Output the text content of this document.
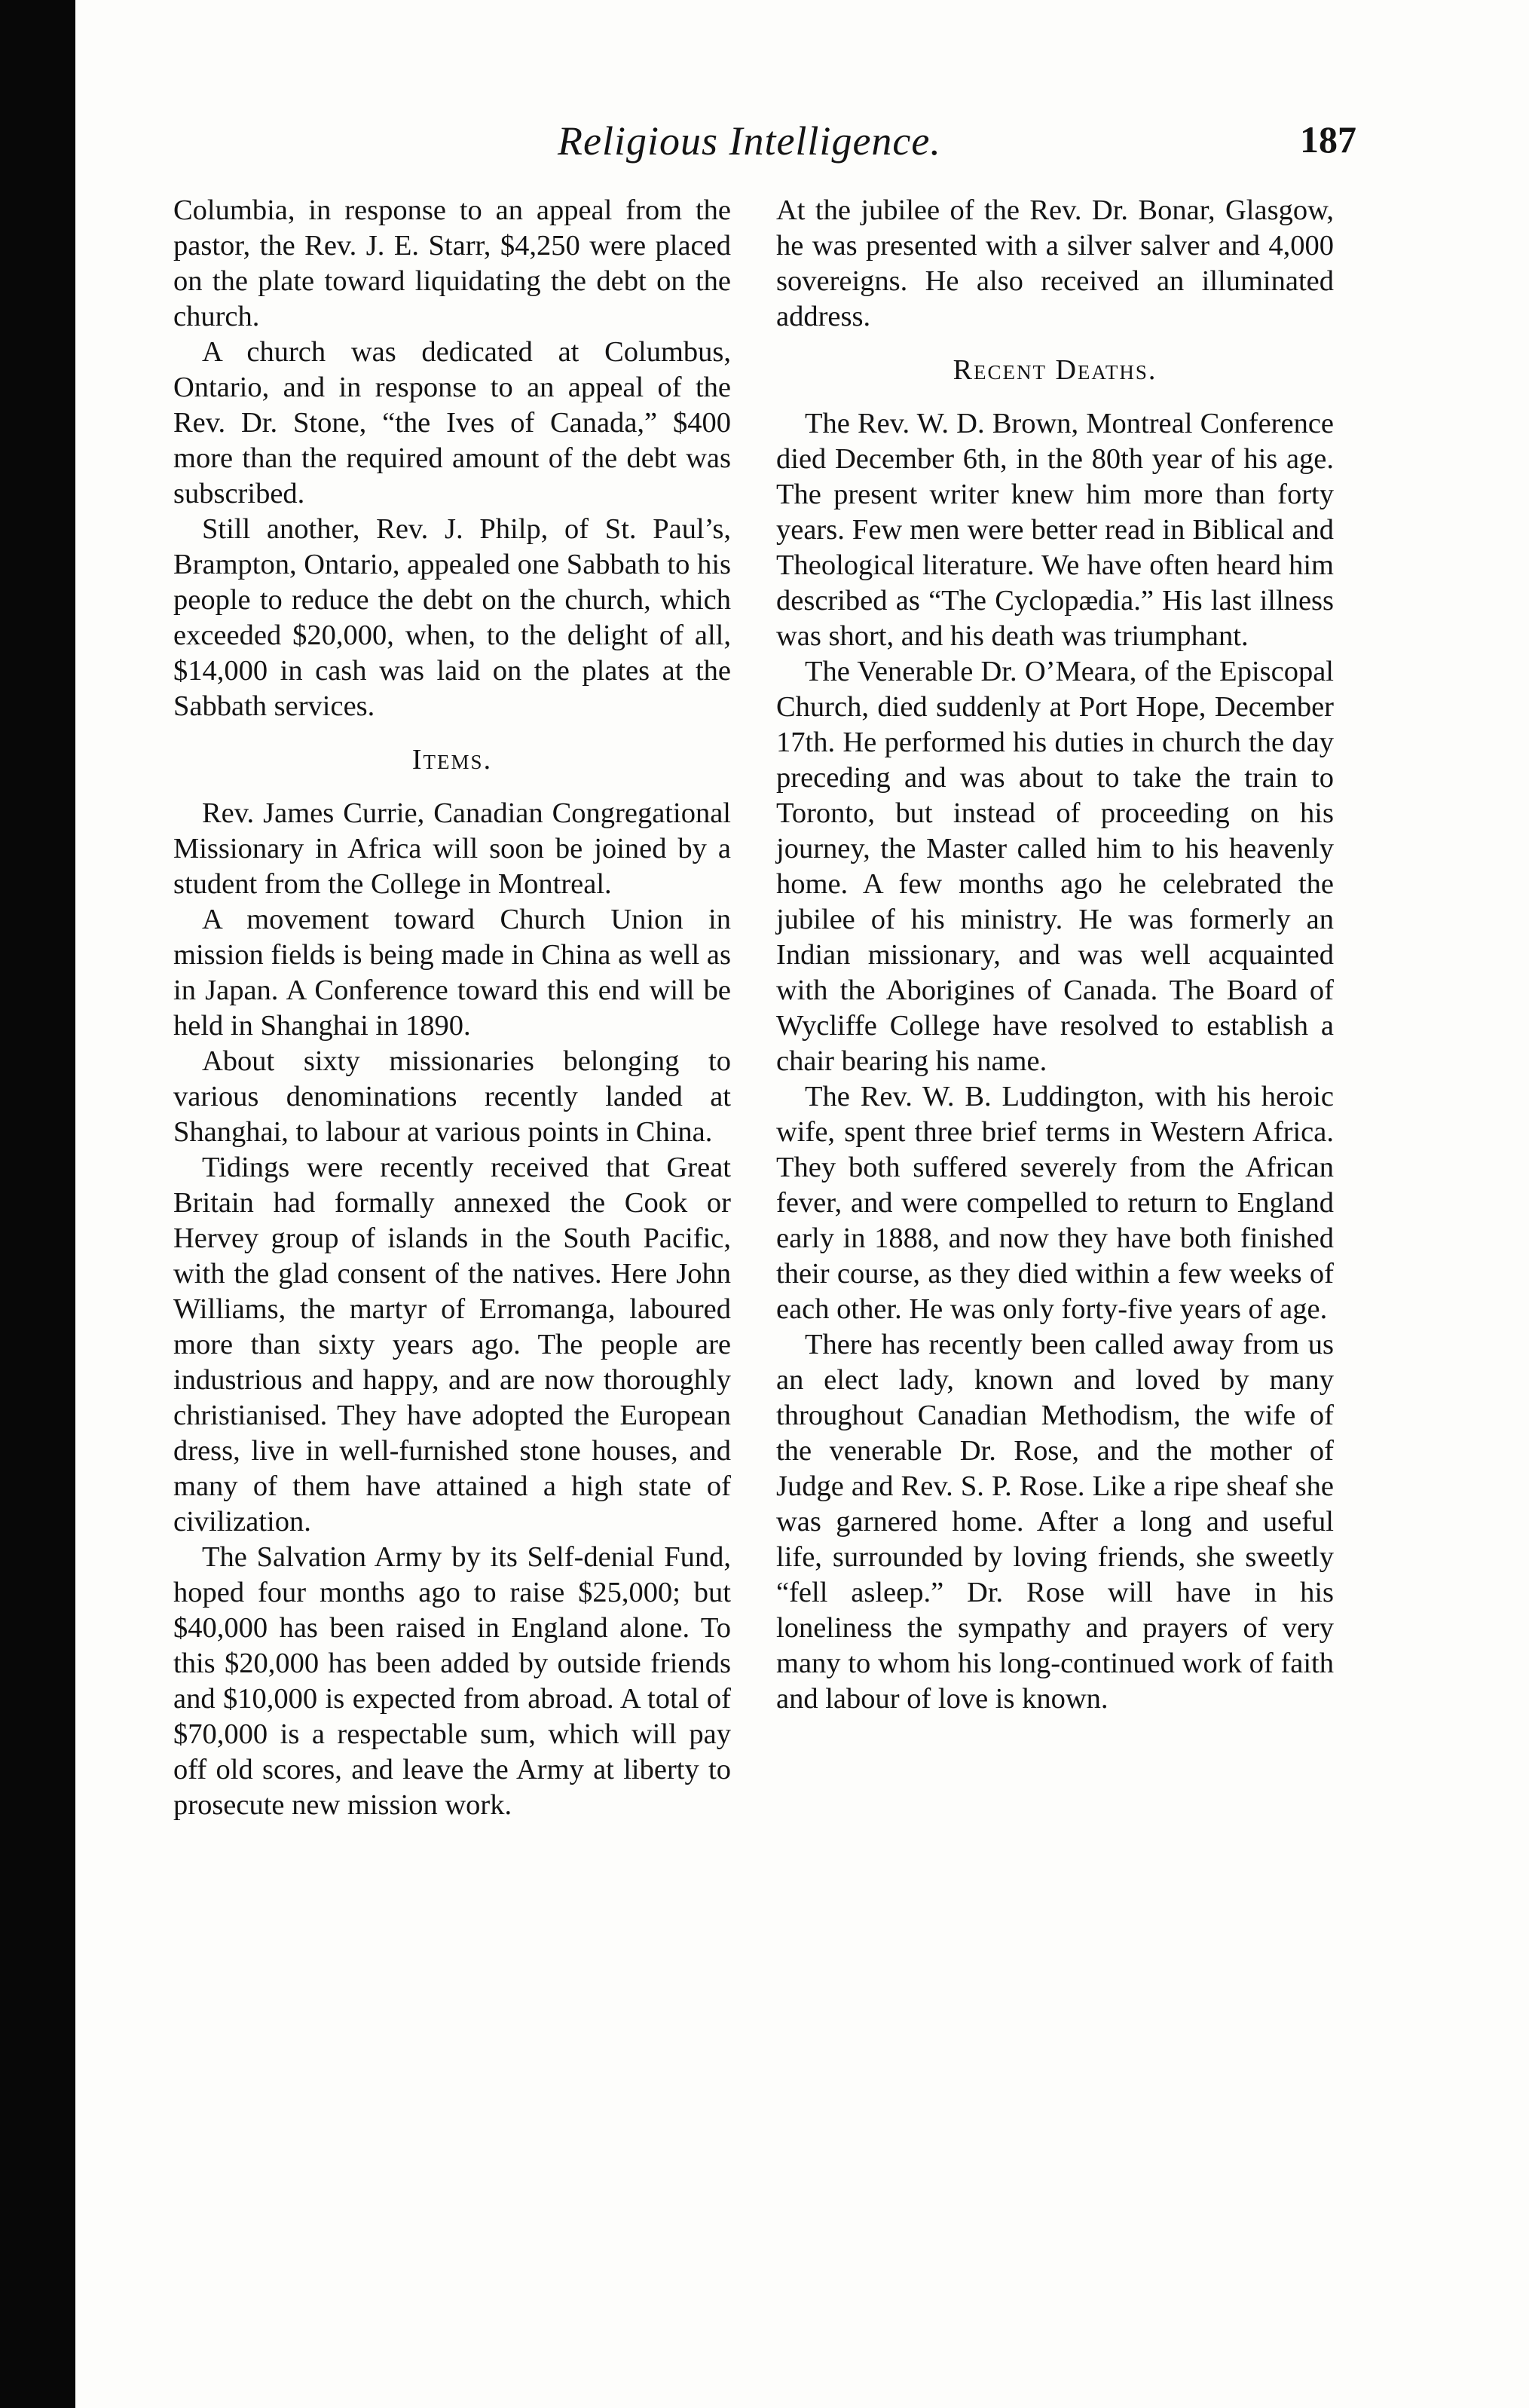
Religious Intelligence.	187

Columbia, in response to an appeal from the pastor, the Rev. J. E. Starr, $4,250 were placed on the plate toward liquidating the debt on the church.

A church was dedicated at Columbus, Ontario, and in response to an appeal of the Rev. Dr. Stone, “the Ives of Canada,” $400 more than the required amount of the debt was subscribed.

Still another, Rev. J. Philp, of St. Paul’s, Brampton, Ontario, appealed one Sabbath to his people to reduce the debt on the church, which exceeded $20,000, when, to the delight of all, $14,000 in cash was laid on the plates at the Sabbath services.

Items.

Rev. James Currie, Canadian Congregational Missionary in Africa will soon be joined by a student from the College in Montreal.

A movement toward Church Union in mission fields is being made in China as well as in Japan. A Conference toward this end will be held in Shanghai in 1890.

About sixty missionaries belonging to various denominations recently landed at Shanghai, to labour at various points in China.

Tidings were recently received that Great Britain had formally annexed the Cook or Hervey group of islands in the South Pacific, with the glad consent of the natives. Here John Williams, the martyr of Erromanga, laboured more than sixty years ago. The people are industrious and happy, and are now thoroughly christianised. They have adopted the European dress, live in well-furnished stone houses, and many of them have attained a high state of civilization.

The Salvation Army by its Self-denial Fund, hoped four months ago to raise $25,000; but $40,000 has been raised in England alone. To this $20,000 has been added by outside friends and $10,000 is expected from abroad. A total of $70,000 is a respectable sum, which will pay off old scores, and leave the Army at liberty to prosecute new mission work.

At the jubilee of the Rev. Dr. Bonar, Glasgow, he was presented with a silver salver and 4,000 sovereigns. He also received an illuminated address.

Recent Deaths.

The Rev. W. D. Brown, Montreal Conference died December 6th, in the 80th year of his age. The present writer knew him more than forty years. Few men were better read in Biblical and Theological literature. We have often heard him described as “The Cyclopædia.” His last illness was short, and his death was triumphant.

The Venerable Dr. O’Meara, of the Episcopal Church, died suddenly at Port Hope, December 17th. He performed his duties in church the day preceding and was about to take the train to Toronto, but instead of proceeding on his journey, the Master called him to his heavenly home. A few months ago he celebrated the jubilee of his ministry. He was formerly an Indian missionary, and was well acquainted with the Aborigines of Canada. The Board of Wycliffe College have resolved to establish a chair bearing his name.

The Rev. W. B. Luddington, with his heroic wife, spent three brief terms in Western Africa. They both suffered severely from the African fever, and were compelled to return to England early in 1888, and now they have both finished their course, as they died within a few weeks of each other. He was only forty-five years of age.

There has recently been called away from us an elect lady, known and loved by many throughout Canadian Methodism, the wife of the venerable Dr. Rose, and the mother of Judge and Rev. S. P. Rose. Like a ripe sheaf she was garnered home. After a long and useful life, surrounded by loving friends, she sweetly “fell asleep.” Dr. Rose will have in his loneliness the sympathy and prayers of very many to whom his long-continued work of faith and labour of love is known.
